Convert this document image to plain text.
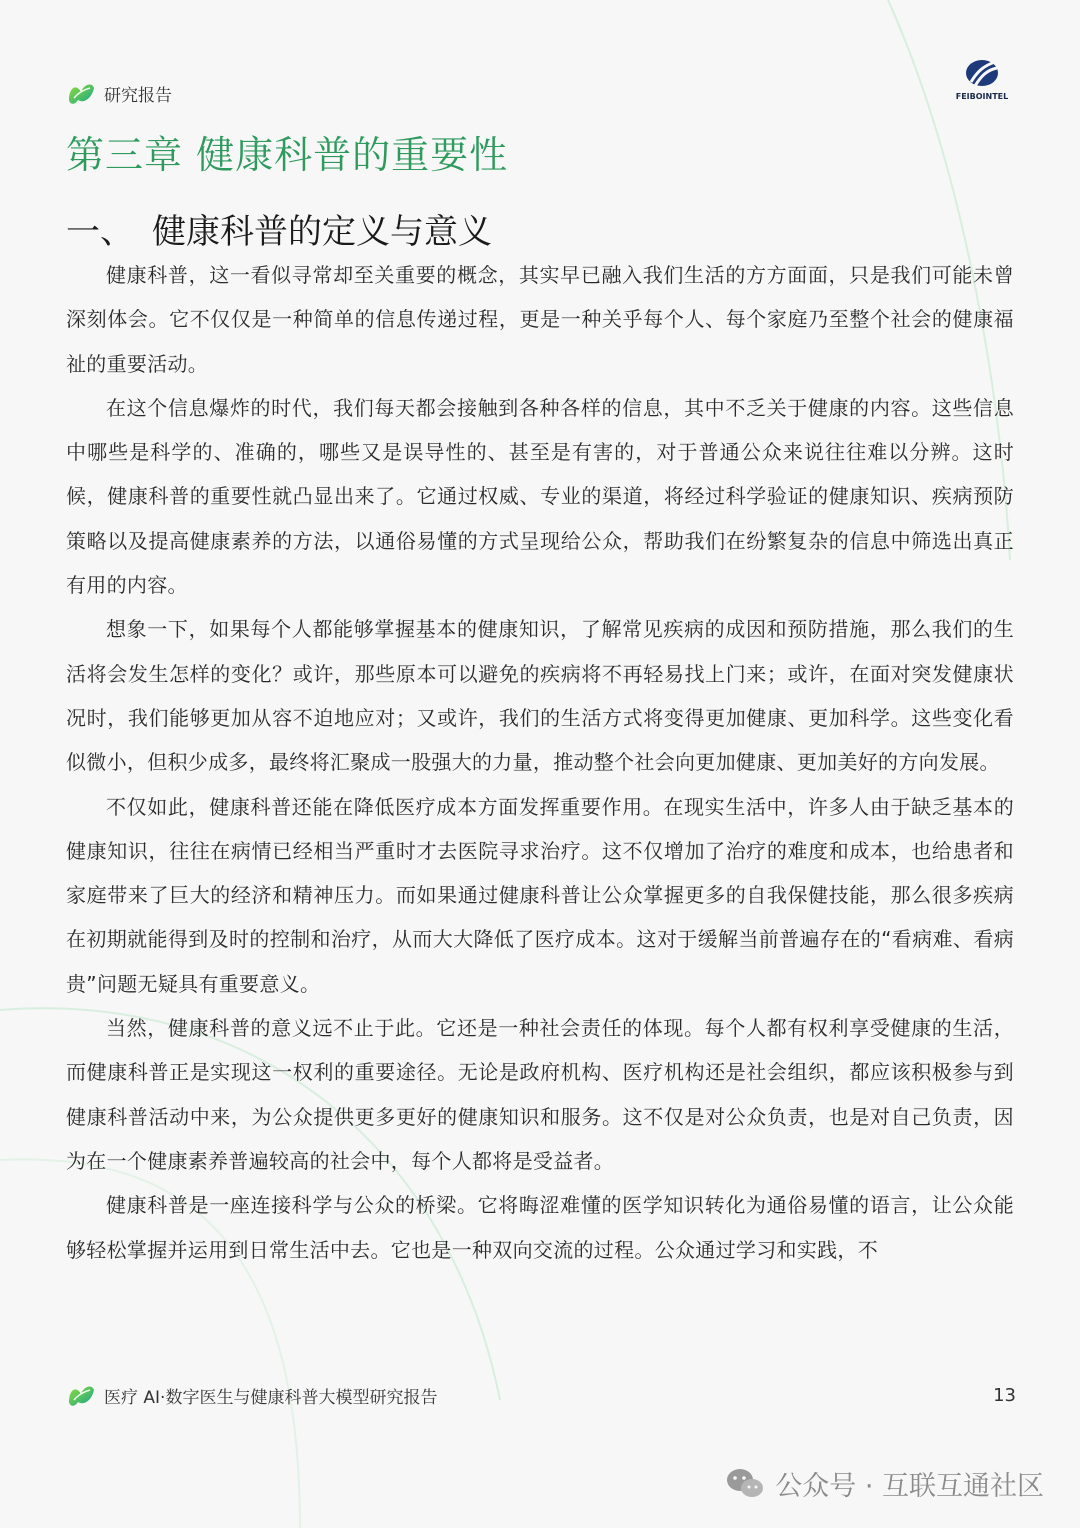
研究报告	FEIBOINTEL
第三章 健康科普的重要性
一、 健康科普的定义与意义

健康科普，这一看似寻常却至关重要的概念，其实早已融入我们生活的方方面面，只是我们可能未曾深刻体会。它不仅仅是一种简单的信息传递过程，更是一种关乎每个人、每个家庭乃至整个社会的健康福祉的重要活动。

在这个信息爆炸的时代，我们每天都会接触到各种各样的信息，其中不乏关于健康的内容。这些信息中哪些是科学的、准确的，哪些又是误导性的、甚至是有害的，对于普通公众来说往往难以分辨。这时候，健康科普的重要性就凸显出来了。它通过权威、专业的渠道，将经过科学验证的健康知识、疾病预防策略以及提高健康素养的方法，以通俗易懂的方式呈现给公众，帮助我们在纷繁复杂的信息中筛选出真正有用的内容。

想象一下，如果每个人都能够掌握基本的健康知识，了解常见疾病的成因和预防措施，那么我们的生活将会发生怎样的变化？或许，那些原本可以避免的疾病将不再轻易找上门来；或许，在面对突发健康状况时，我们能够更加从容不迫地应对；又或许，我们的生活方式将变得更加健康、更加科学。这些变化看似微小，但积少成多，最终将汇聚成一股强大的力量，推动整个社会向更加健康、更加美好的方向发展。

不仅如此，健康科普还能在降低医疗成本方面发挥重要作用。在现实生活中，许多人由于缺乏基本的健康知识，往往在病情已经相当严重时才去医院寻求治疗。这不仅增加了治疗的难度和成本，也给患者和家庭带来了巨大的经济和精神压力。而如果通过健康科普让公众掌握更多的自我保健技能，那么很多疾病在初期就能得到及时的控制和治疗，从而大大降低了医疗成本。这对于缓解当前普遍存在的“看病难、看病贵”问题无疑具有重要意义。

当然，健康科普的意义远不止于此。它还是一种社会责任的体现。每个人都有权利享受健康的生活，而健康科普正是实现这一权利的重要途径。无论是政府机构、医疗机构还是社会组织，都应该积极参与到健康科普活动中来，为公众提供更多更好的健康知识和服务。这不仅是对公众负责，也是对自己负责，因为在一个健康素养普遍较高的社会中，每个人都将是受益者。

健康科普是一座连接科学与公众的桥梁。它将晦涩难懂的医学知识转化为通俗易懂的语言，让公众能够轻松掌握并运用到日常生活中去。它也是一种双向交流的过程。公众通过学习和实践，不

医疗 AI·数字医生与健康科普大模型研究报告	13
公众号 · 互联互通社区
